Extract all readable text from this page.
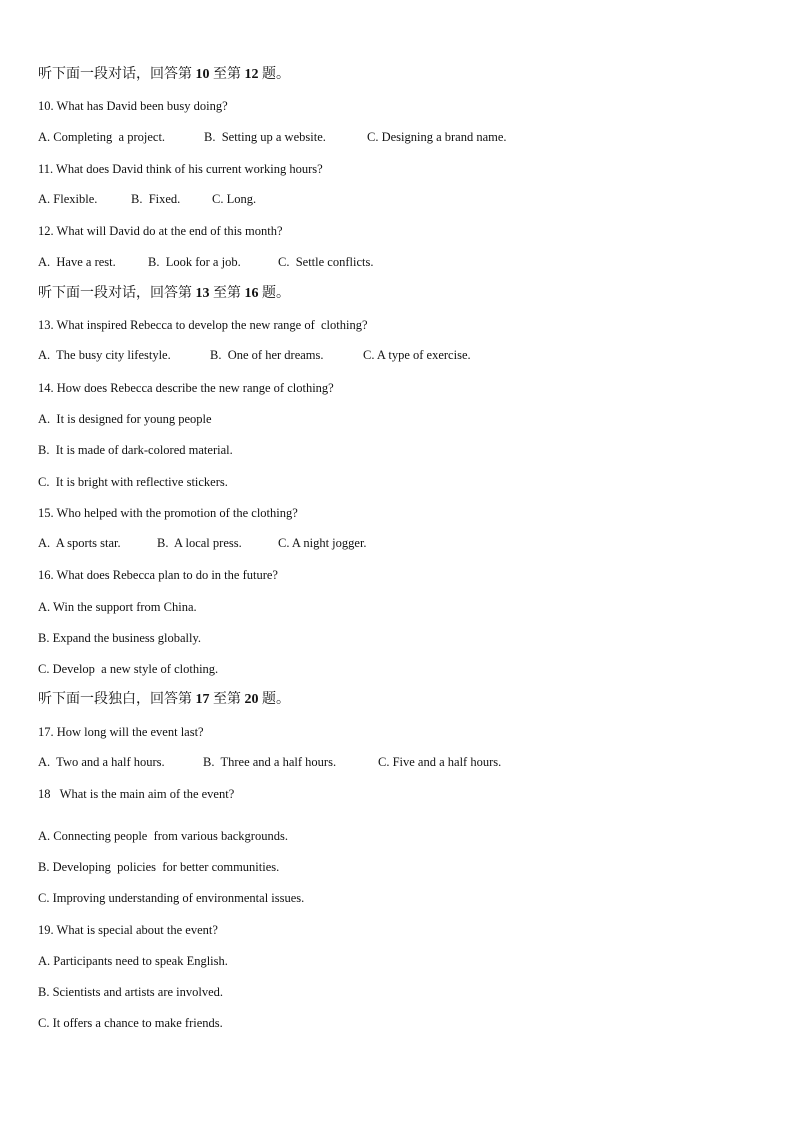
听下面一段对话，回答第 10 至第 12 题。
10. What has David been busy doing?
A. Completing  a project.	B.  Setting up a website.	C. Designing a brand name.
11. What does David think of his current working hours?
A. Flexible.	B.  Fixed.	C. Long.
12. What will David do at the end of this month?
A.  Have a rest.	B.  Look for a job.	C.  Settle conflicts.
听下面一段对话，回答第 13 至第 16 题。
13. What inspired Rebecca to develop the new range of  clothing?
A.  The busy city lifestyle.	B.  One of her dreams.	C. A type of exercise.
14. How does Rebecca describe the new range of clothing?
A.  It is designed for young people
B.  It is made of dark-colored material.
C.  It is bright with reflective stickers.
15. Who helped with the promotion of the clothing?
A.  A sports star.	B.  A local press.	C. A night jogger.
16. What does Rebecca plan to do in the future?
A. Win the support from China.
B. Expand the business globally.
C. Develop  a new style of clothing.
听下面一段独白，回答第 17 至第 20 题。
17. How long will the event last?
A.  Two and a half hours.	B.  Three and a half hours.	C. Five and a half hours.
18   What is the main aim of the event?
A. Connecting people  from various backgrounds.
B. Developing  policies  for better communities.
C. Improving understanding of environmental issues.
19. What is special about the event?
A. Participants need to speak English.
B. Scientists and artists are involved.
C. It offers a chance to make friends.
